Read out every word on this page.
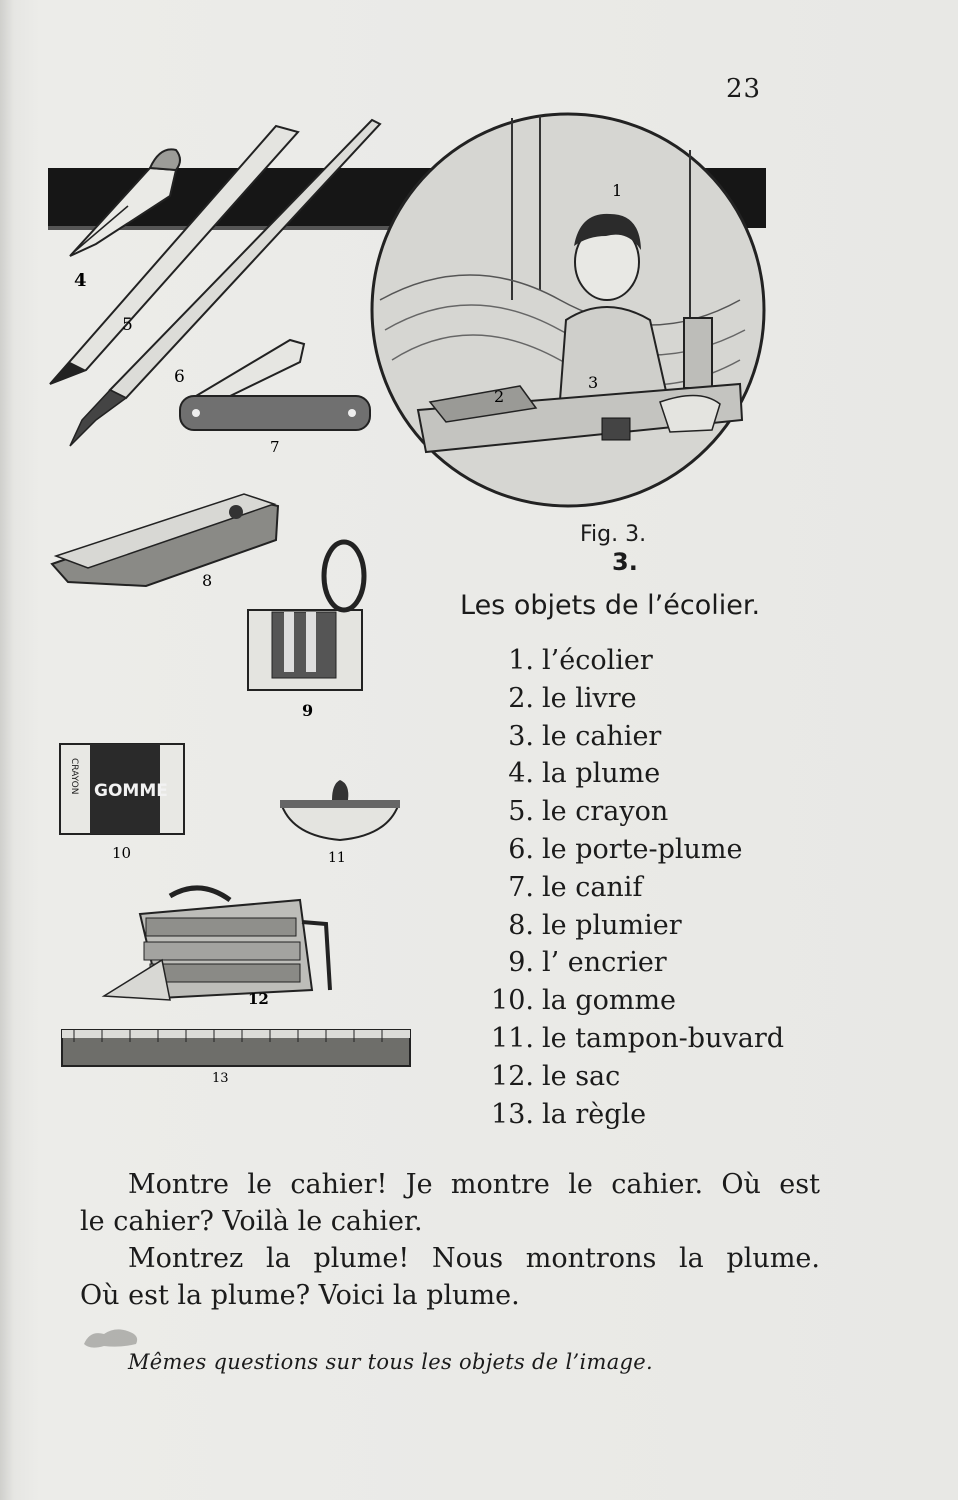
23
1
2
3
4
5
6
7
8
9
GOMME
CRAYON
10	11
12
13
Fig. 3.
3.
Les objets de l’écolier.
1. l’écolier
2. le livre
3. le cahier
4. la plume
5. le crayon
6. le porte-plume
7. le canif
8. le plumier
9. l’ encrier
10. la gomme
11. le tampon-buvard
12. le sac
13. la règle

Montre le cahier! Je montre le cahier. Où est

le cahier? Voilà le cahier.

Montrez la plume! Nous montrons la plume.

Où est la plume? Voici la plume.

Mêmes questions sur tous les objets de l’image.
